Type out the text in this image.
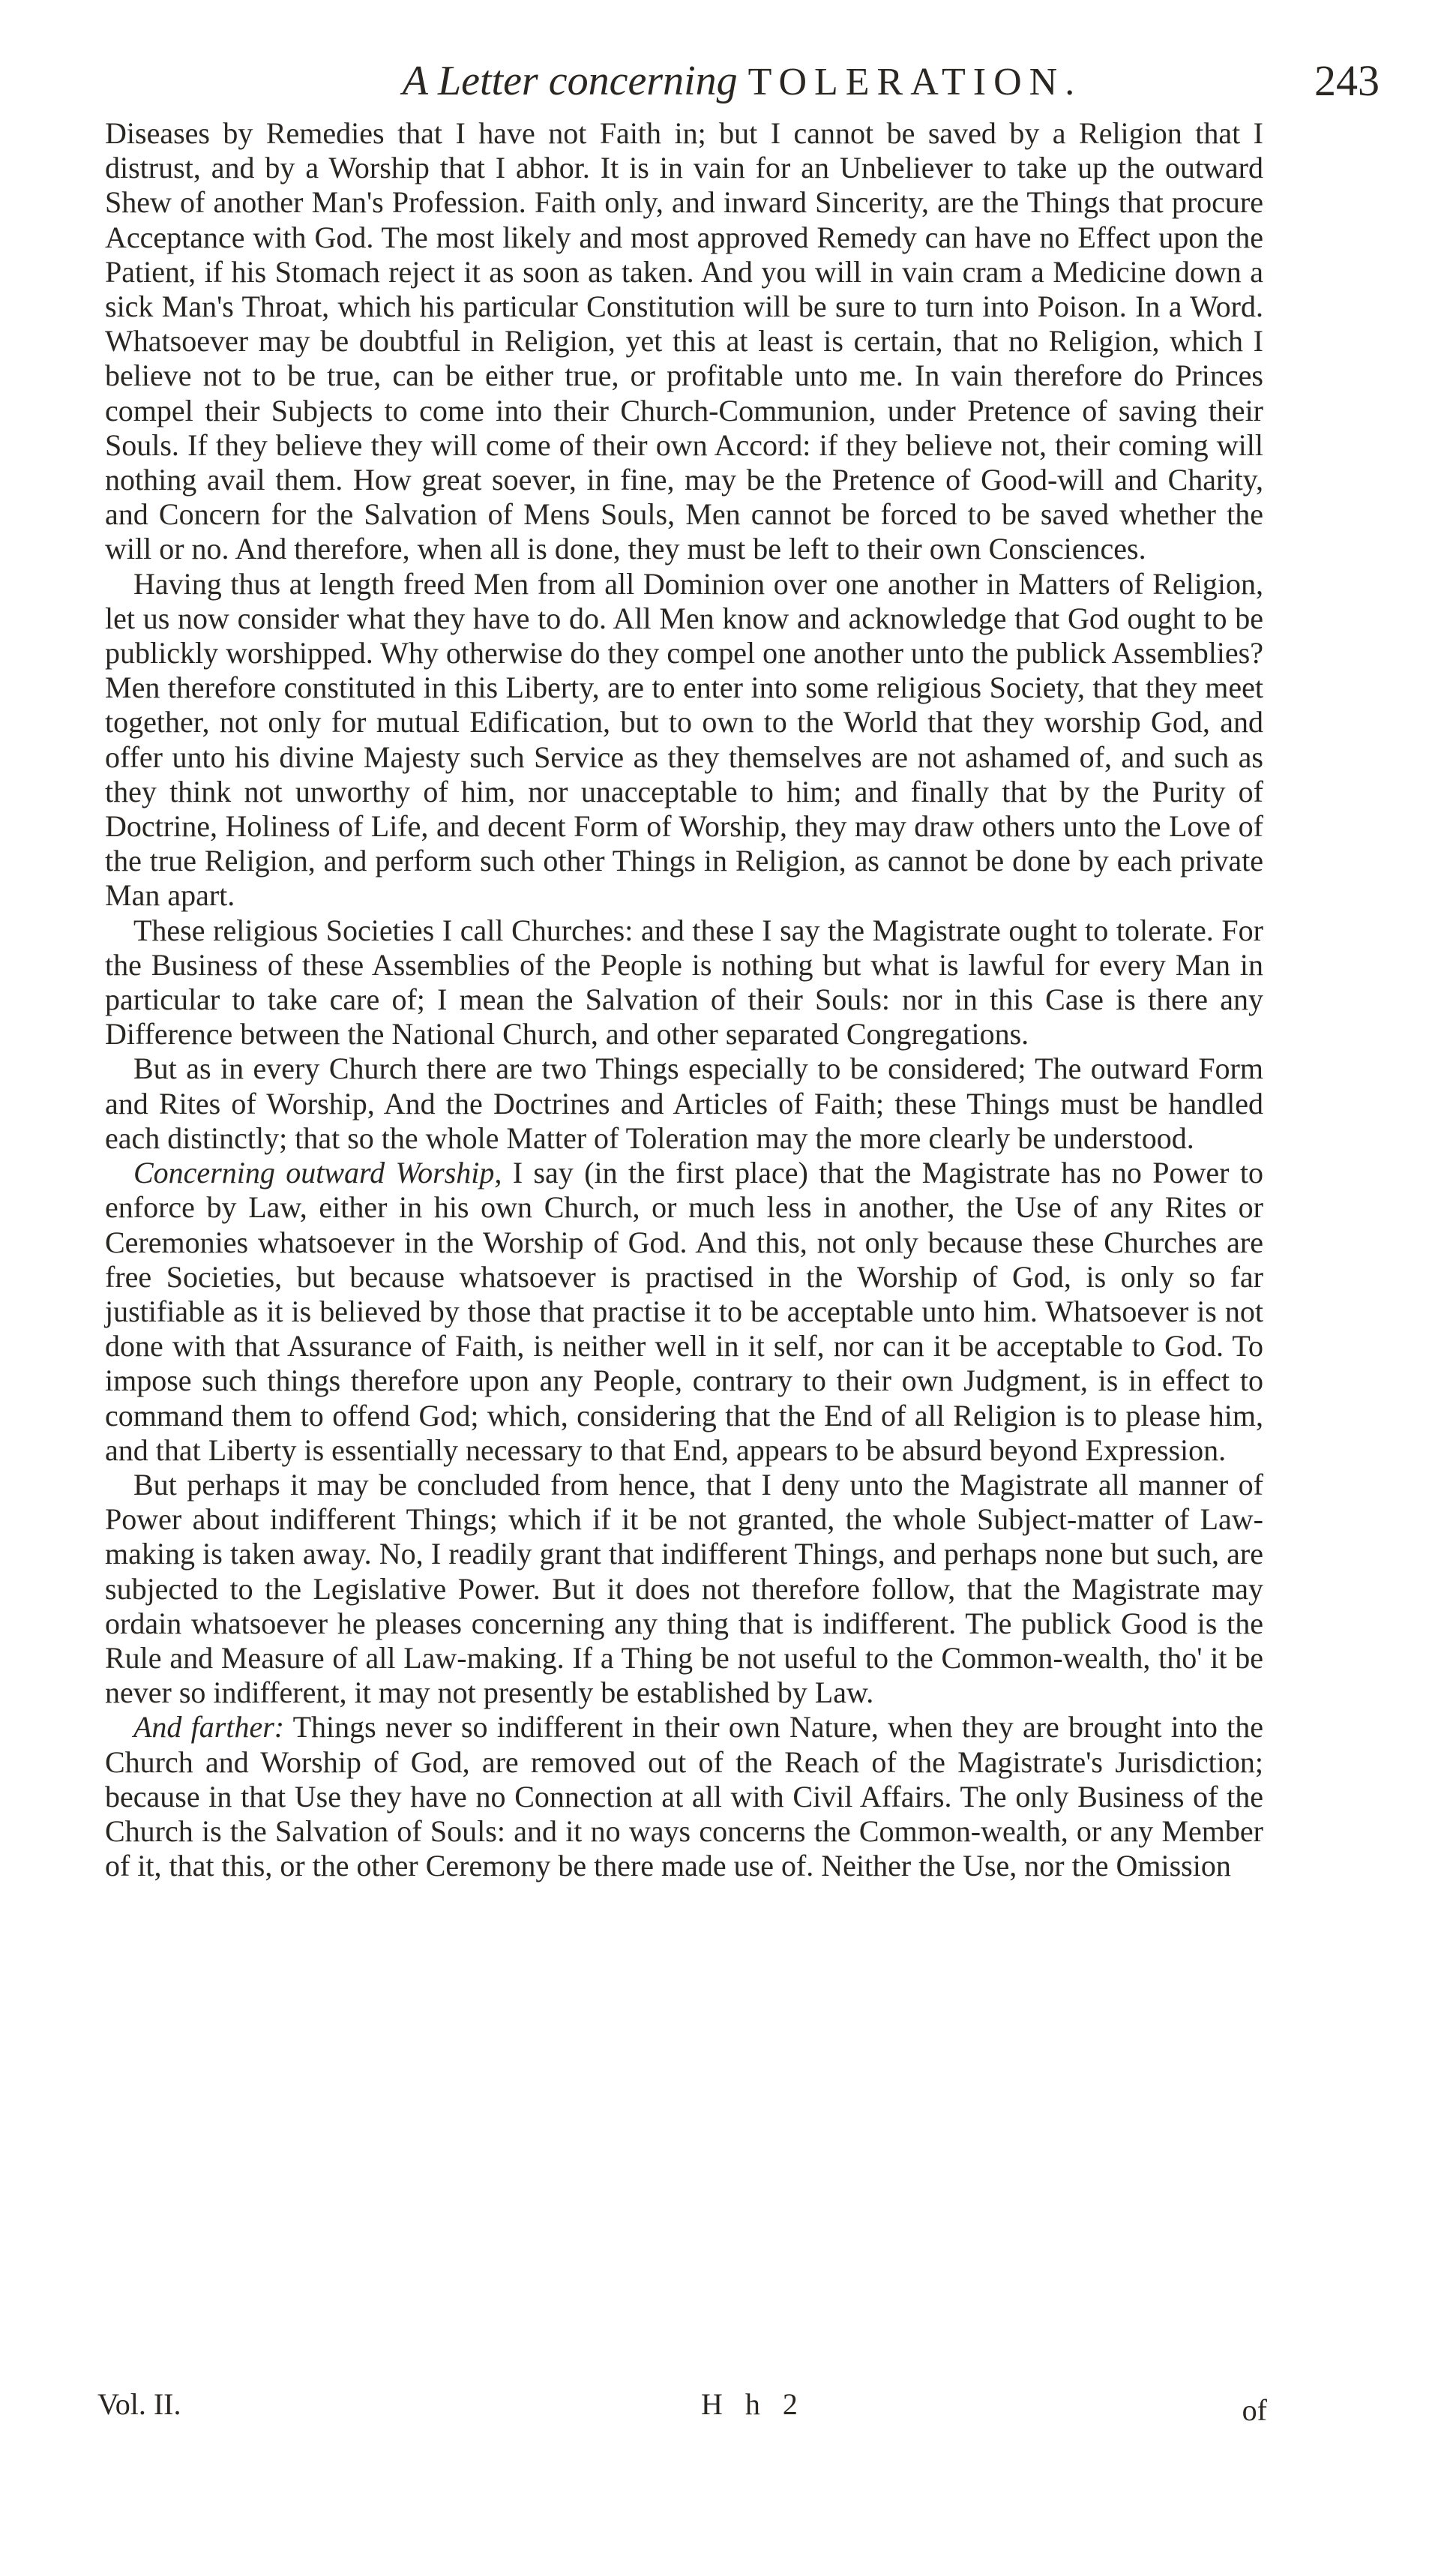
A Letter concerning TOLERATION.	243

Diseases by Remedies that I have not Faith in; but I cannot be saved by a Religion that I distrust, and by a Worship that I abhor. It is in vain for an Unbeliever to take up the outward Shew of another Man's Profession. Faith only, and inward Sincerity, are the Things that procure Acceptance with God. The most likely and most approved Remedy can have no Effect upon the Patient, if his Stomach reject it as soon as taken. And you will in vain cram a Medicine down a sick Man's Throat, which his particular Constitution will be sure to turn into Poison. In a Word. Whatsoever may be doubtful in Religion, yet this at least is certain, that no Religion, which I believe not to be true, can be either true, or profitable unto me. In vain therefore do Princes compel their Subjects to come into their Church-Communion, under Pretence of saving their Souls. If they believe they will come of their own Accord: if they believe not, their coming will nothing avail them. How great soever, in fine, may be the Pretence of Good-will and Charity, and Concern for the Salvation of Mens Souls, Men cannot be forced to be saved whether the will or no. And therefore, when all is done, they must be left to their own Consciences.

Having thus at length freed Men from all Dominion over one another in Matters of Religion, let us now consider what they have to do. All Men know and acknowledge that God ought to be publickly worshipped. Why otherwise do they compel one another unto the publick Assemblies? Men therefore constituted in this Liberty, are to enter into some religious Society, that they meet together, not only for mutual Edification, but to own to the World that they worship God, and offer unto his divine Majesty such Service as they themselves are not ashamed of, and such as they think not unworthy of him, nor unacceptable to him; and finally that by the Purity of Doctrine, Holiness of Life, and decent Form of Worship, they may draw others unto the Love of the true Religion, and perform such other Things in Religion, as cannot be done by each private Man apart.

These religious Societies I call Churches: and these I say the Magistrate ought to tolerate. For the Business of these Assemblies of the People is nothing but what is lawful for every Man in particular to take care of; I mean the Salvation of their Souls: nor in this Case is there any Difference between the National Church, and other separated Congregations.

But as in every Church there are two Things especially to be considered; The outward Form and Rites of Worship, And the Doctrines and Articles of Faith; these Things must be handled each distinctly; that so the whole Matter of Toleration may the more clearly be understood.

Concerning outward Worship, I say (in the first place) that the Magistrate has no Power to enforce by Law, either in his own Church, or much less in another, the Use of any Rites or Ceremonies whatsoever in the Worship of God. And this, not only because these Churches are free Societies, but because whatsoever is practised in the Worship of God, is only so far justifiable as it is believed by those that practise it to be acceptable unto him. Whatsoever is not done with that Assurance of Faith, is neither well in it self, nor can it be acceptable to God. To impose such things therefore upon any People, contrary to their own Judgment, is in effect to command them to offend God; which, considering that the End of all Religion is to please him, and that Liberty is essentially necessary to that End, appears to be absurd beyond Expression.

But perhaps it may be concluded from hence, that I deny unto the Magistrate all manner of Power about indifferent Things; which if it be not granted, the whole Subject-matter of Law-making is taken away. No, I readily grant that indifferent Things, and perhaps none but such, are subjected to the Legislative Power. But it does not therefore follow, that the Magistrate may ordain whatsoever he pleases concerning any thing that is indifferent. The publick Good is the Rule and Measure of all Law-making. If a Thing be not useful to the Common-wealth, tho' it be never so indifferent, it may not presently be established by Law.

And farther: Things never so indifferent in their own Nature, when they are brought into the Church and Worship of God, are removed out of the Reach of the Magistrate's Jurisdiction; because in that Use they have no Connection at all with Civil Affairs. The only Business of the Church is the Salvation of Souls: and it no ways concerns the Common-wealth, or any Member of it, that this, or the other Ceremony be there made use of. Neither the Use, nor the Omission

Vol. II.	H h 2	of
